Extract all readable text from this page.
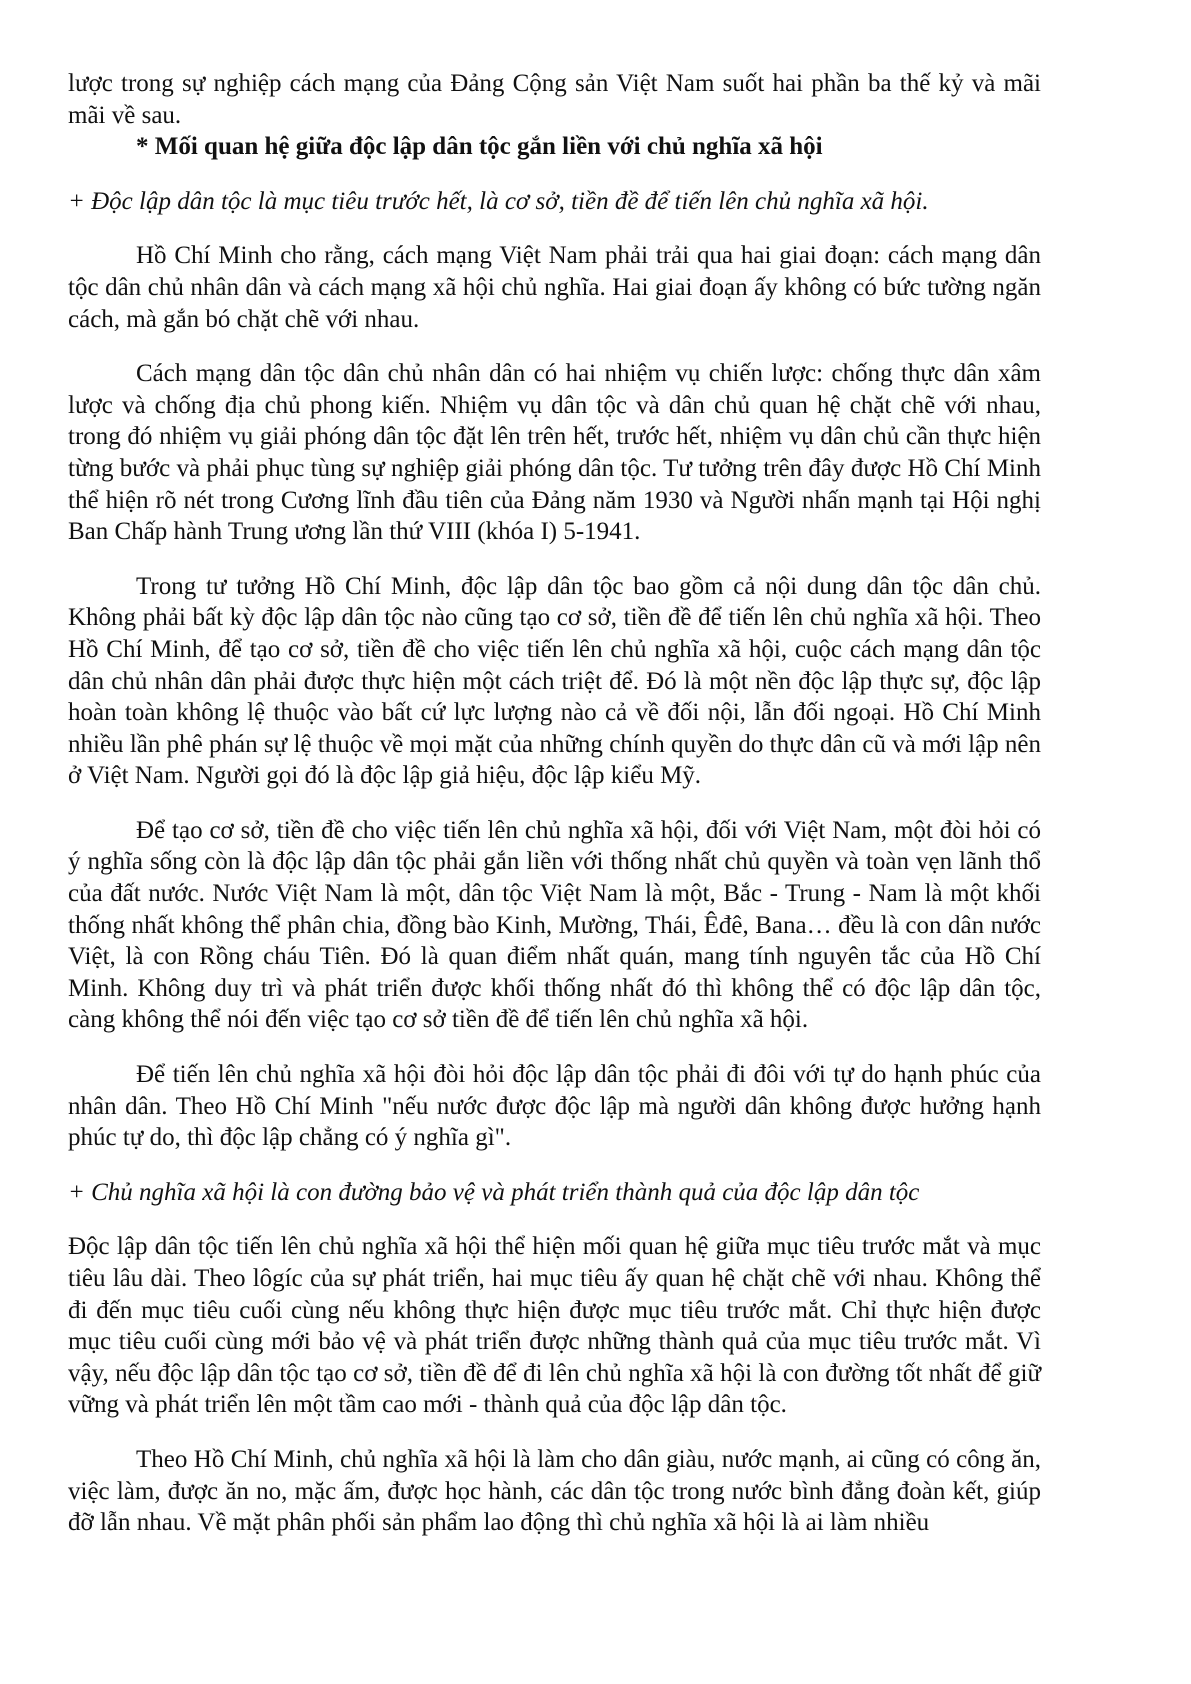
lược trong sự nghiệp cách mạng của Đảng Cộng sản Việt Nam suốt hai phần ba thế kỷ và mãi mãi về sau.

* Mối quan hệ giữa độc lập dân tộc gắn liền với chủ nghĩa xã hội

+ Độc lập dân tộc là mục tiêu trước hết, là cơ sở, tiền đề để tiến lên chủ nghĩa xã hội.

Hồ Chí Minh cho rằng, cách mạng Việt Nam phải trải qua hai giai đoạn: cách mạng dân tộc dân chủ nhân dân và cách mạng xã hội chủ nghĩa. Hai giai đoạn ấy không có bức tường ngăn cách, mà gắn bó chặt chẽ với nhau.

Cách mạng dân tộc dân chủ nhân dân có hai nhiệm vụ chiến lược: chống thực dân xâm lược và chống địa chủ phong kiến. Nhiệm vụ dân tộc và dân chủ quan hệ chặt chẽ với nhau, trong đó nhiệm vụ giải phóng dân tộc đặt lên trên hết, trước hết, nhiệm vụ dân chủ cần thực hiện từng bước và phải phục tùng sự nghiệp giải phóng dân tộc. Tư tưởng trên đây được Hồ Chí Minh thể hiện rõ nét trong Cương lĩnh đầu tiên của Đảng năm 1930 và Người nhấn mạnh tại Hội nghị Ban Chấp hành Trung ương lần thứ VIII (khóa I) 5-1941.

Trong tư tưởng Hồ Chí Minh, độc lập dân tộc bao gồm cả nội dung dân tộc dân chủ. Không phải bất kỳ độc lập dân tộc nào cũng tạo cơ sở, tiền đề để tiến lên chủ nghĩa xã hội. Theo Hồ Chí Minh, để tạo cơ sở, tiền đề cho việc tiến lên chủ nghĩa xã hội, cuộc cách mạng dân tộc dân chủ nhân dân phải được thực hiện một cách triệt để. Đó là một nền độc lập thực sự, độc lập hoàn toàn không lệ thuộc vào bất cứ lực lượng nào cả về đối nội, lẫn đối ngoại. Hồ Chí Minh nhiều lần phê phán sự lệ thuộc về mọi mặt của những chính quyền do thực dân cũ và mới lập nên ở Việt Nam. Người gọi đó là độc lập giả hiệu, độc lập kiểu Mỹ.

Để tạo cơ sở, tiền đề cho việc tiến lên chủ nghĩa xã hội, đối với Việt Nam, một đòi hỏi có ý nghĩa sống còn là độc lập dân tộc phải gắn liền với thống nhất chủ quyền và toàn vẹn lãnh thổ của đất nước. Nước Việt Nam là một, dân tộc Việt Nam là một, Bắc - Trung - Nam là một khối thống nhất không thể phân chia, đồng bào Kinh, Mường, Thái, Êđê, Bana… đều là con dân nước Việt, là con Rồng cháu Tiên. Đó là quan điểm nhất quán, mang tính nguyên tắc của Hồ Chí Minh. Không duy trì và phát triển được khối thống nhất đó thì không thể có độc lập dân tộc, càng không thể nói đến việc tạo cơ sở tiền đề để tiến lên chủ nghĩa xã hội.

Để tiến lên chủ nghĩa xã hội đòi hỏi độc lập dân tộc phải đi đôi với tự do hạnh phúc của nhân dân. Theo Hồ Chí Minh "nếu nước được độc lập mà người dân không được hưởng hạnh phúc tự do, thì độc lập chẳng có ý nghĩa gì".

+ Chủ nghĩa xã hội là con đường bảo vệ và phát triển thành quả của độc lập dân tộc

Độc lập dân tộc tiến lên chủ nghĩa xã hội thể hiện mối quan hệ giữa mục tiêu trước mắt và mục tiêu lâu dài. Theo lôgíc của sự phát triển, hai mục tiêu ấy quan hệ chặt chẽ với nhau. Không thể đi đến mục tiêu cuối cùng nếu không thực hiện được mục tiêu trước mắt. Chỉ thực hiện được mục tiêu cuối cùng mới bảo vệ và phát triển được những thành quả của mục tiêu trước mắt. Vì vậy, nếu độc lập dân tộc tạo cơ sở, tiền đề để đi lên chủ nghĩa xã hội là con đường tốt nhất để giữ vững và phát triển lên một tầm cao mới - thành quả của độc lập dân tộc.

Theo Hồ Chí Minh, chủ nghĩa xã hội là làm cho dân giàu, nước mạnh, ai cũng có công ăn, việc làm, được ăn no, mặc ấm, được học hành, các dân tộc trong nước bình đẳng đoàn kết, giúp đỡ lẫn nhau. Về mặt phân phối sản phẩm lao động thì chủ nghĩa xã hội là ai làm nhiều
